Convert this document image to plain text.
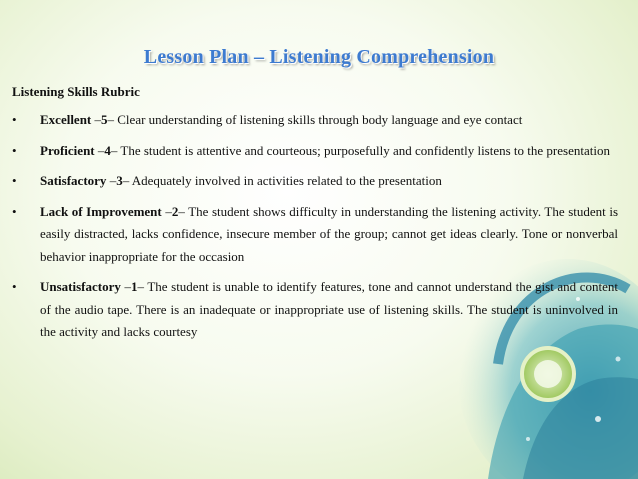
Lesson Plan – Listening Comprehension
Listening Skills Rubric
• Excellent –5– Clear understanding of listening skills through body language and eye contact
• Proficient –4– The student is attentive and courteous; purposefully and confidently listens to the presentation
• Satisfactory –3– Adequately involved in activities related to the presentation
• Lack of Improvement –2– The student shows difficulty in understanding the listening activity. The student is easily distracted, lacks confidence, insecure member of the group; cannot get ideas clearly. Tone or nonverbal behavior inappropriate for the occasion
• Unsatisfactory –1– The student is unable to identify features, tone and cannot understand the gist and content of the audio tape. There is an inadequate or inappropriate use of listening skills. The student is uninvolved in the activity and lacks courtesy
